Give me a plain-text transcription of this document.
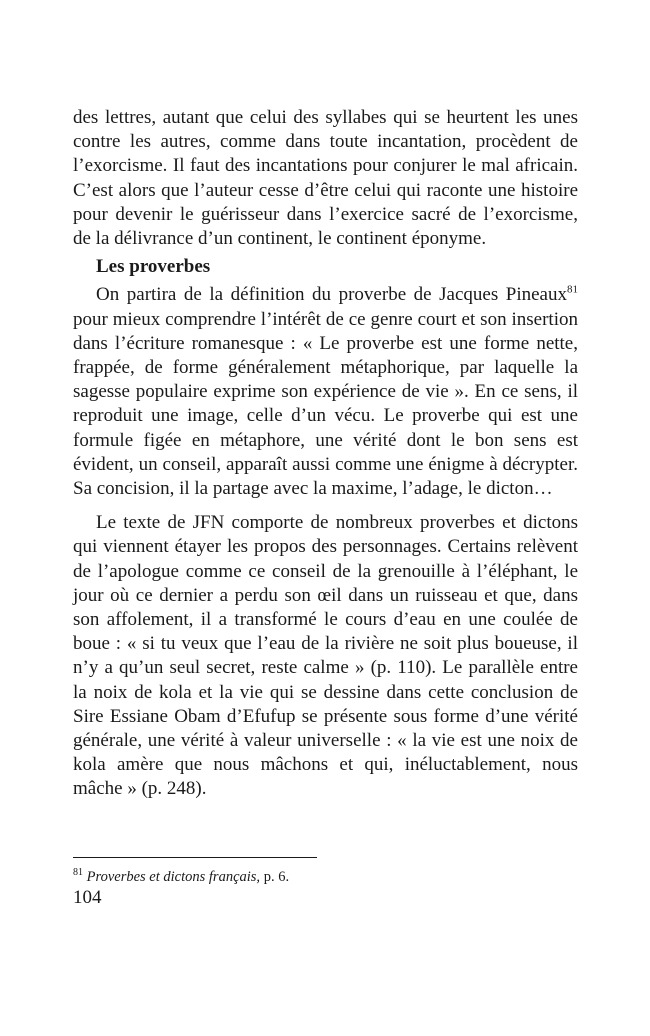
des lettres, autant que celui des syllabes qui se heurtent les unes contre les autres, comme dans toute incantation, procèdent de l’exorcisme. Il faut des incantations pour conjurer le mal africain. C’est alors que l’auteur cesse d’être celui qui raconte une histoire pour devenir le guérisseur dans l’exercice sacré de l’exorcisme, de la délivrance d’un continent, le continent éponyme.

Les proverbes

On partira de la définition du proverbe de Jacques Pineaux$^{81}$ pour mieux comprendre l’intérêt de ce genre court et son insertion dans l’écriture romanesque : « Le proverbe est une forme nette, frappée, de forme généralement métaphorique, par laquelle la sagesse populaire exprime son expérience de vie ». En ce sens, il reproduit une image, celle d’un vécu. Le proverbe qui est une formule figée en métaphore, une vérité dont le bon sens est évident, un conseil, apparaît aussi comme une énigme à décrypter. Sa concision, il la partage avec la maxime, l’adage, le dicton…

Le texte de JFN comporte de nombreux proverbes et dictons qui viennent étayer les propos des personnages. Certains relèvent de l’apologue comme ce conseil de la grenouille à l’éléphant, le jour où ce dernier a perdu son œil dans un ruisseau et que, dans son affolement, il a transformé le cours d’eau en une coulée de boue : « si tu veux que l’eau de la rivière ne soit plus boueuse, il n’y a qu’un seul secret, reste calme » (p. 110). Le parallèle entre la noix de kola et la vie qui se dessine dans cette conclusion de Sire Essiane Obam d’Efufup se présente sous forme d’une vérité générale, une vérité à valeur universelle : « la vie est une noix de kola amère que nous mâchons et qui, inéluctablement, nous mâche » (p. 248).

$^{81}$ Proverbes et dictons français, p. 6.

104
